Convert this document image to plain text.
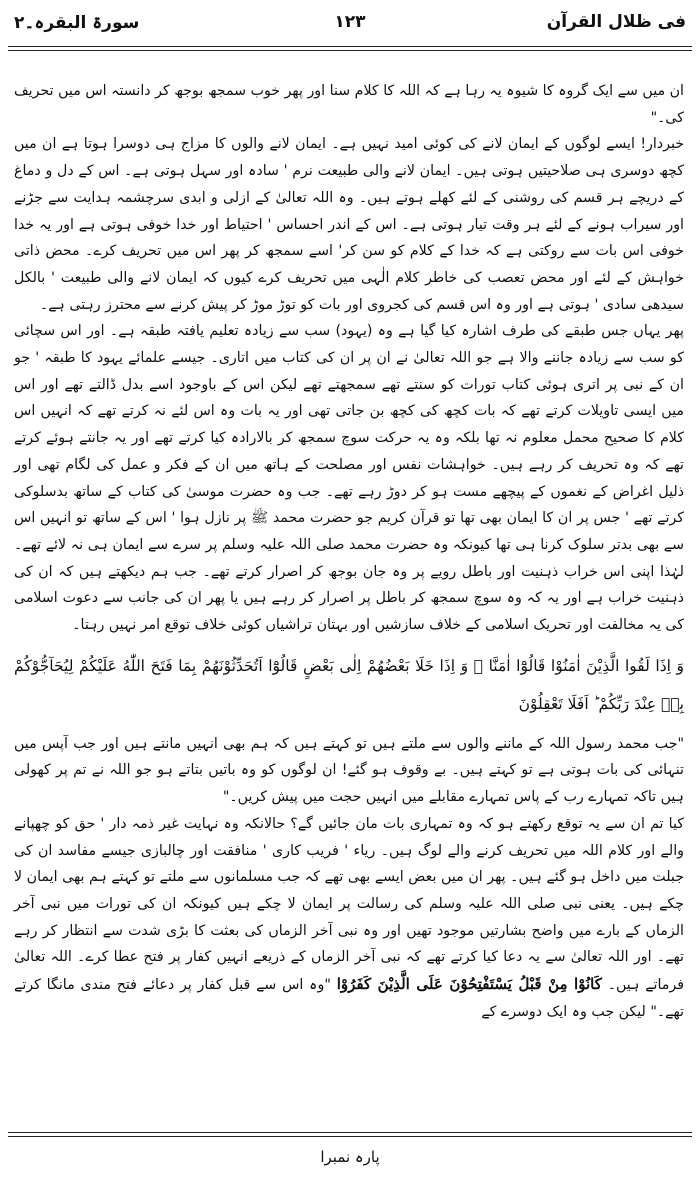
فی ظلال القرآن
۱۲۳
سورۃ البقرہ۔۲

ان میں سے ایک گروہ کا شیوہ یہ رہا ہے کہ اللہ کا کلام سنا اور پھر خوب سمجھ بوجھ کر دانستہ اس میں تحریف کی۔"

خبردار! ایسے لوگوں کے ایمان لانے کی کوئی امید نہیں ہے۔ ایمان لانے والوں کا مزاج ہی دوسرا ہوتا ہے ان میں کچھ دوسری ہی صلاحیتیں ہوتی ہیں۔ ایمان لانے والی طبیعت نرم ' سادہ اور سہل ہوتی ہے۔ اس کے دل و دماغ کے دریچے ہر قسم کی روشنی کے لئے کھلے ہوتے ہیں۔ وہ اللہ تعالیٰ کے ازلی و ابدی سرچشمہ ہدایت سے جڑنے اور سیراب ہونے کے لئے ہر وقت تیار ہوتی ہے۔ اس کے اندر احساس ' احتیاط اور خدا خوفی ہوتی ہے اور یہ خدا خوفی اس بات سے روکتی ہے کہ خدا کے کلام کو سن کر' اسے سمجھ کر پھر اس میں تحریف کرے۔ محض ذاتی خواہش کے لئے اور محض تعصب کی خاطر کلام الٰہی میں تحریف کرے کیوں کہ ایمان لانے والی طبیعت ' بالکل سیدھی سادی ' ہوتی ہے اور وہ اس قسم کی کجروی اور بات کو توڑ موڑ کر پیش کرنے سے محترز رہتی ہے۔

پھر یہاں جس طبقے کی طرف اشارہ کیا گیا ہے وہ (یہود) سب سے زیادہ تعلیم یافتہ طبقہ ہے۔ اور اس سچائی کو سب سے زیادہ جاننے والا ہے جو اللہ تعالیٰ نے ان پر ان کی کتاب میں اتاری۔ جیسے علمائے یہود کا طبقہ ' جو ان کے نبی پر اتری ہوئی کتاب تورات کو سنتے تھے سمجھتے تھے لیکن اس کے باوجود اسے بدل ڈالتے تھے اور اس میں ایسی تاویلات کرتے تھے کہ بات کچھ کی کچھ بن جاتی تھی اور یہ بات وہ اس لئے نہ کرتے تھے کہ انہیں اس کلام کا صحیح محمل معلوم نہ تھا بلکہ وہ یہ حرکت سوچ سمجھ کر بالارادہ کیا کرتے تھے اور یہ جانتے ہوئے کرتے تھے کہ وہ تحریف کر رہے ہیں۔ خواہشات نفس اور مصلحت کے ہاتھ میں ان کے فکر و عمل کی لگام تھی اور ذلیل اغراض کے نغموں کے پیچھے مست ہو کر دوڑ رہے تھے۔ جب وہ حضرت موسیٰ کی کتاب کے ساتھ بدسلوکی کرتے تھے ' جس پر ان کا ایمان بھی تھا تو قرآن کریم جو حضرت محمد ﷺ پر نازل ہوا ' اس کے ساتھ تو انہیں اس سے بھی بدتر سلوک کرنا ہی تھا کیونکہ وہ حضرت محمد صلی اللہ علیہ وسلم پر سرے سے ایمان ہی نہ لائے تھے۔ لہٰذا اپنی اس خراب ذہنیت اور باطل رویے پر وہ جان بوجھ کر اصرار کرتے تھے۔ جب ہم دیکھتے ہیں کہ ان کی ذہنیت خراب ہے اور یہ کہ وہ سوچ سمجھ کر باطل پر اصرار کر رہے ہیں یا پھر ان کی جانب سے دعوت اسلامی کی یہ مخالفت اور تحریک اسلامی کے خلاف سازشیں اور بہتان تراشیاں کوئی خلاف توقع امر نہیں رہتا۔

وَ اِذَا لَقُوا الَّذِيْنَ اٰمَنُوْا قَالُوْٓا اٰمَنَّا ۚ وَ اِذَا خَلَا بَعْضُهُمْ اِلٰى بَعْضٍ قَالُوْٓا اَتُحَدِّثُوْنَهُمْ بِمَا فَتَحَ اللّٰهُ عَلَيْكُمْ لِيُحَآجُّوْكُمْ بِهٖ عِنْدَ رَبِّكُمْ ؕ اَفَلَا تَعْقِلُوْنَ

"جب محمد رسول اللہ کے ماننے والوں سے ملتے ہیں تو کہتے ہیں کہ ہم بھی انہیں مانتے ہیں اور جب آپس میں تنہائی کی بات ہوتی ہے تو کہتے ہیں۔ بے وقوف ہو گئے! ان لوگوں کو وہ باتیں بتاتے ہو جو اللہ نے تم پر کھولی ہیں تاکہ تمہارے رب کے پاس تمہارے مقابلے میں انہیں حجت میں پیش کریں۔"

کیا تم ان سے یہ توقع رکھتے ہو کہ وہ تمہاری بات مان جائیں گے؟ حالانکہ وہ نہایت غیر ذمہ دار ' حق کو چھپانے والے اور کلام اللہ میں تحریف کرنے والے لوگ ہیں۔ ریاء ' فریب کاری ' منافقت اور چالبازی جیسے مفاسد ان کی جبلت میں داخل ہو گئے ہیں۔ پھر ان میں بعض ایسے بھی تھے کہ جب مسلمانوں سے ملتے تو کہتے ہم بھی ایمان لا چکے ہیں۔ یعنی نبی صلی اللہ علیہ وسلم کی رسالت پر ایمان لا چکے ہیں کیونکہ ان کی تورات میں نبی آخر الزماں کے بارے میں واضح بشارتیں موجود تھیں اور وہ نبی آخر الزماں کی بعثت کا بڑی شدت سے انتظار کر رہے تھے۔ اور اللہ تعالیٰ سے یہ دعا کیا کرتے تھے کہ نبی آخر الزماں کے ذریعے انہیں کفار پر فتح عطا کرے۔ اللہ تعالیٰ فرماتے ہیں۔ كَانُوْا مِنْ قَبْلُ يَسْتَفْتِحُوْنَ عَلَى الَّذِيْنَ كَفَرُوْا "وہ اس سے قبل کفار پر دعائے فتح مندی مانگا کرتے تھے۔" لیکن جب وہ ایک دوسرے کے

پارہ نمبرا
